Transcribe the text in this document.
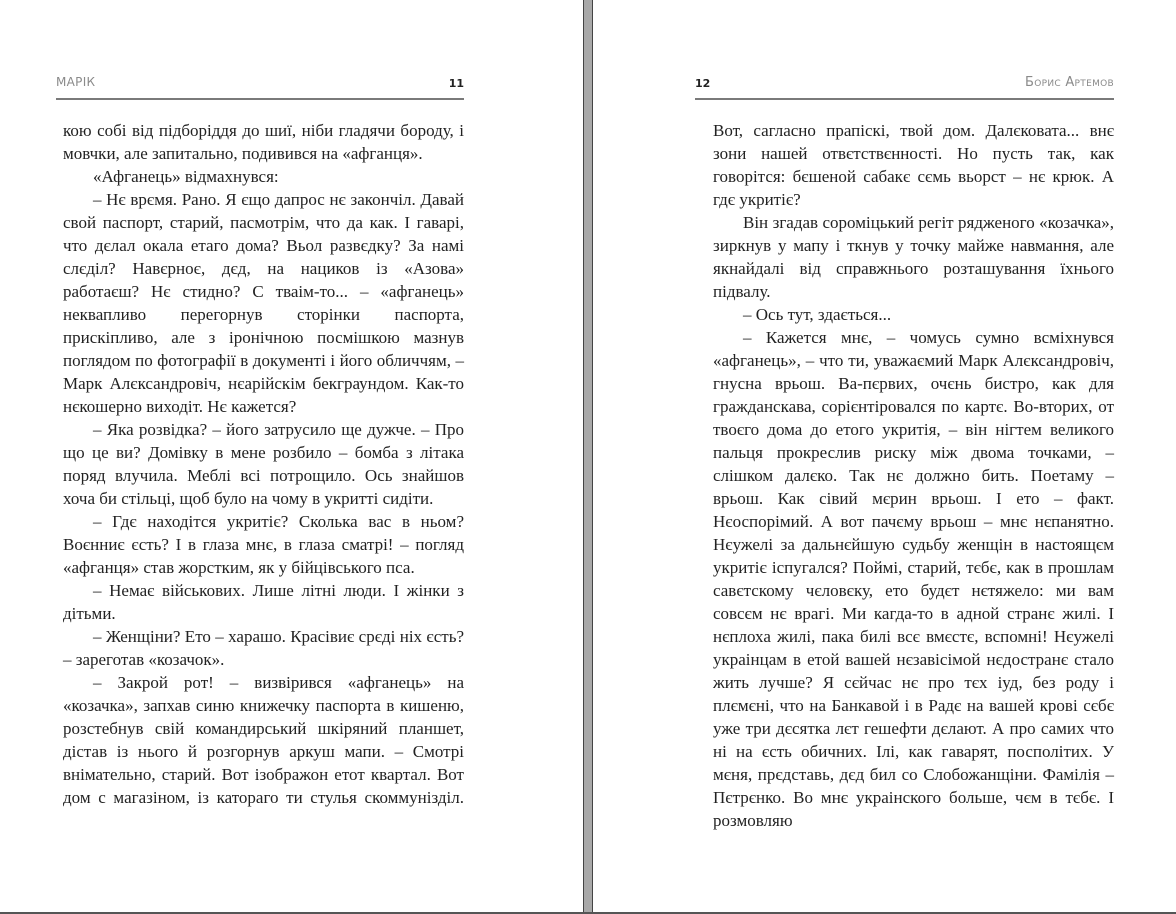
МАРІК	11

кою собі від підборіддя до шиї, ніби гладячи бороду, і мовчки, але запитально, подивився на «афганця».

«Афганець» відмахнувся:

– Нє врємя. Рано. Я єщо дапрос нє закончіл. Давай свой паспорт, старий, пасмотрім, что да как. І гаварі, что дєлал окала етаго дома? Вьол развєдку? За намі слєділ? Навєрноє, дєд, на нациков із «Азова» работаєш? Нє стидно? С тваім-то... – «афганець» неквапливо перегорнув сторінки паспорта, прискіпливо, але з іронічною посмішкою мазнув поглядом по фотографії в документі і його обличчям, – Марк Алєксандровіч, нєарійскім бекграундом. Как-то нєкошерно виходіт. Нє кажется?

– Яка розвідка? – його затрусило ще дужче. – Про що це ви? Домівку в мене розбило – бомба з літака поряд влучила. Меблі всі потрощило. Ось знайшов хоча би стільці, щоб було на чому в укритті сидіти.

– Гдє находітся укритіє? Сколька вас в ньом? Воєнниє єсть? І в глаза мнє, в глаза сматрі! – погляд «афганця» став жорстким, як у бійцівського пса.

– Немає військових. Лише літні люди. І жінки з дітьми.

– Женщіни? Ето – харашо. Красівиє срєді ніх єсть? – зареготав «козачок».

– Закрой рот! – визвірився «афганець» на «козачка», запхав синю книжечку паспорта в кишеню, розстебнув свій командирський шкіряний планшет, дістав із нього й розгорнув аркуш мапи. – Смотрі внімательно, старий. Вот ізображон етот квартал. Вот дом с магазіном, із катораго ти стулья скоммунізділ.

12	Борис Артемов

Вот, сагласно прапіскі, твой дом. Далєковата... внє зони нашей отвєтствєнності. Но пусть так, как говорітся: бєшеной сабакє сємь вьорст – нє крюк. А гдє укритіє?

Він згадав сороміцький регіт рядженого «козачка», зиркнув у мапу і ткнув у точку майже навмання, але якнайдалі від справжнього розташування їхнього підвалу.

– Ось тут, здається...

– Кажется мнє, – чомусь сумно всміхнувся «афганець», – что ти, уважаємий Марк Алєксандровіч, гнусна врьош. Ва-пєрвих, очєнь бистро, как для гражданскава, сорієнтіровался по картє. Во-вторих, от твоєго дома до етого укритія, – він нігтем великого пальця прокреслив риску між двома точками, – слішком далєко. Так нє должно бить. Поетаму – врьош. Как сівий мєрин врьош. І ето – факт. Нєоспорімий. А вот пачєму врьош – мнє нєпанятно. Нєужелі за дальнєйшую судьбу женщін в настоящєм укритіє іспугался? Поймі, старий, тєбє, как в прошлам савєтскому чєловєку, ето будєт нєтяжело: ми вам совсєм нє врагі. Ми кагда-то в адной странє жилі. І нєплоха жилі, пака билі всє вмєстє, вспомні! Нєужелі украінцам в етой вашей нєзавісімой нєдостранє стало жить лучше? Я сєйчас нє про тєх іуд, без роду і плємєні, что на Банкавой і в Радє на вашей крові сєбє уже три дєсятка лєт гешефти дєлают. А про самих что ні на єсть обичних. Ілі, как гаварят, посполітих. У мєня, прєдставь, дєд бил со Слобожанщіни. Фамілія – Пєтрєнко. Во мнє украінского больше, чєм в тєбє. І розмовляю
